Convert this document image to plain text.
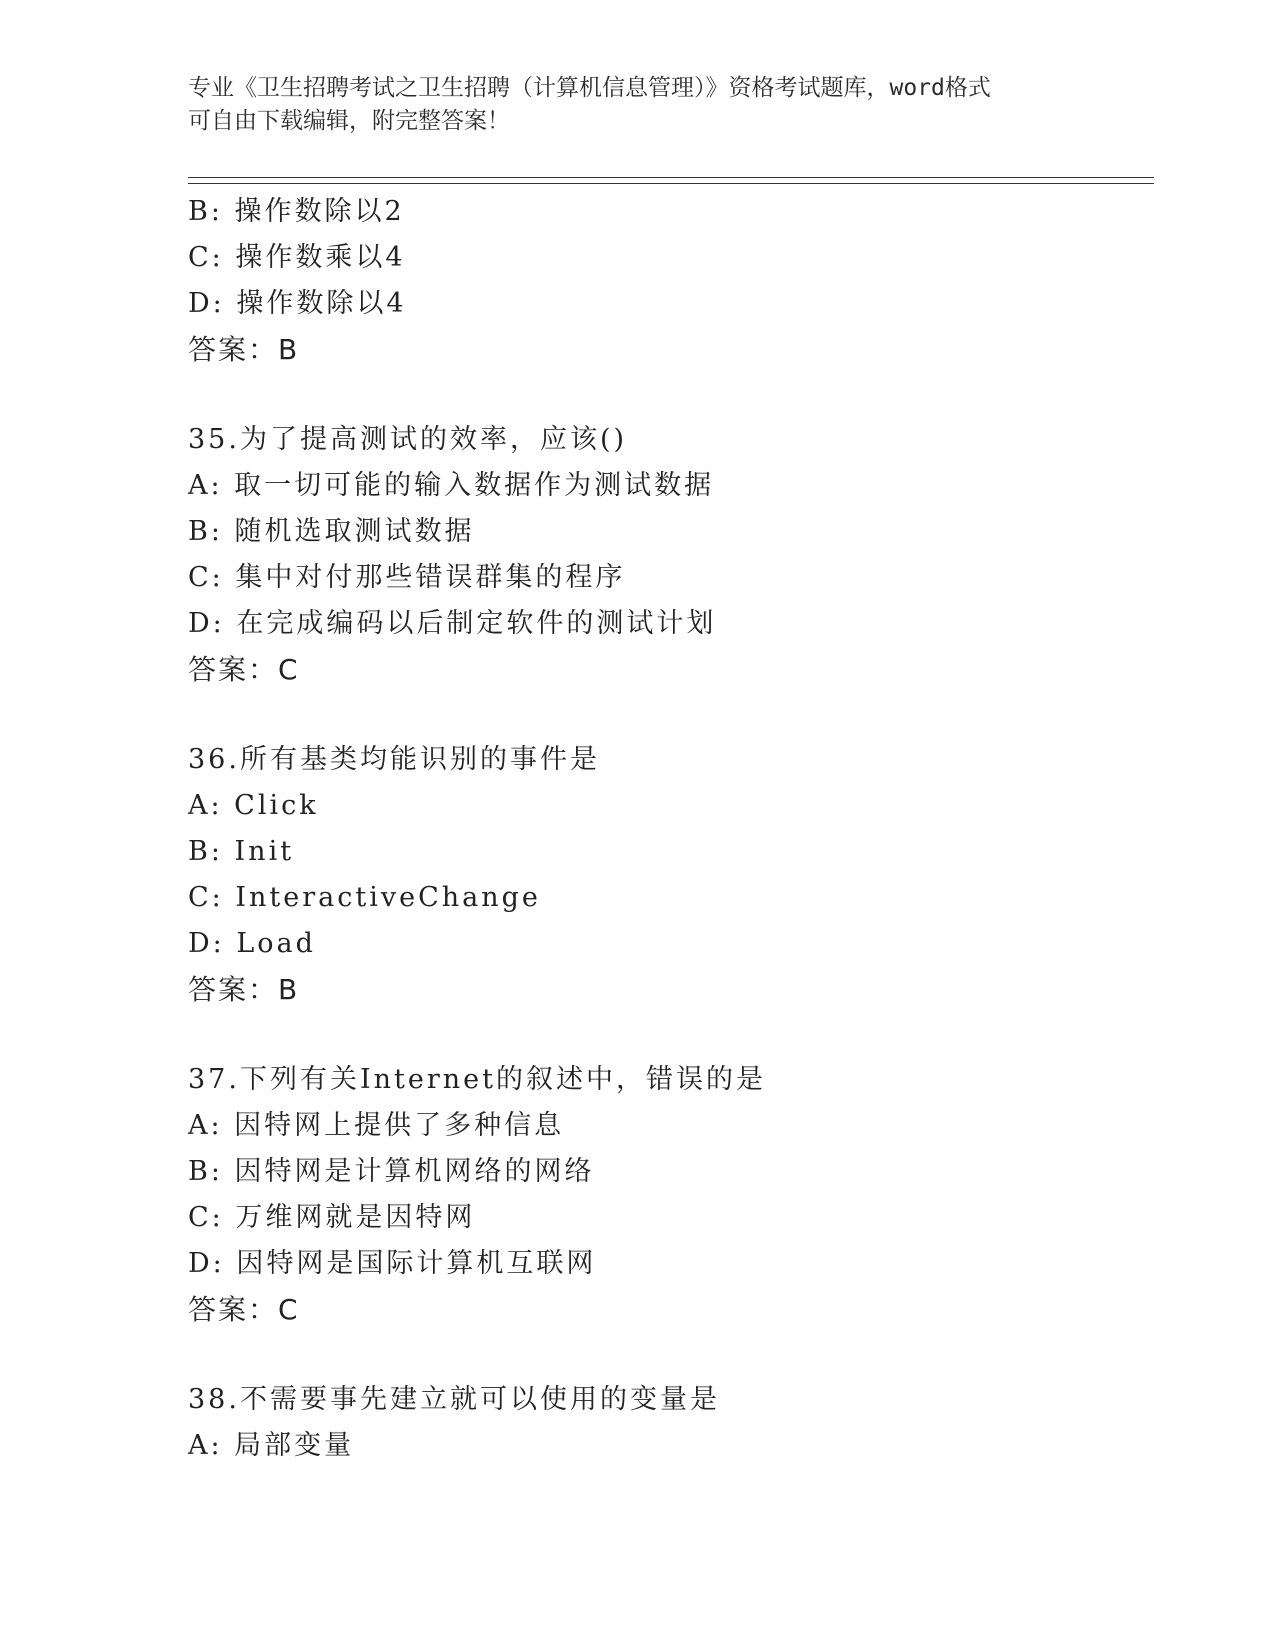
专业《卫生招聘考试之卫生招聘（计算机信息管理）》资格考试题库，word格式
可自由下载编辑，附完整答案！
B: 操作数除以2
C: 操作数乘以4
D: 操作数除以4
答案：B
35.为了提高测试的效率，应该()
A: 取一切可能的输入数据作为测试数据
B: 随机选取测试数据
C: 集中对付那些错误群集的程序
D: 在完成编码以后制定软件的测试计划
答案：C
36.所有基类均能识别的事件是
A: Click
B: Init
C: InteractiveChange
D: Load
答案：B
37.下列有关Internet的叙述中，错误的是
A: 因特网上提供了多种信息
B: 因特网是计算机网络的网络
C: 万维网就是因特网
D: 因特网是国际计算机互联网
答案：C
38.不需要事先建立就可以使用的变量是
A: 局部变量
